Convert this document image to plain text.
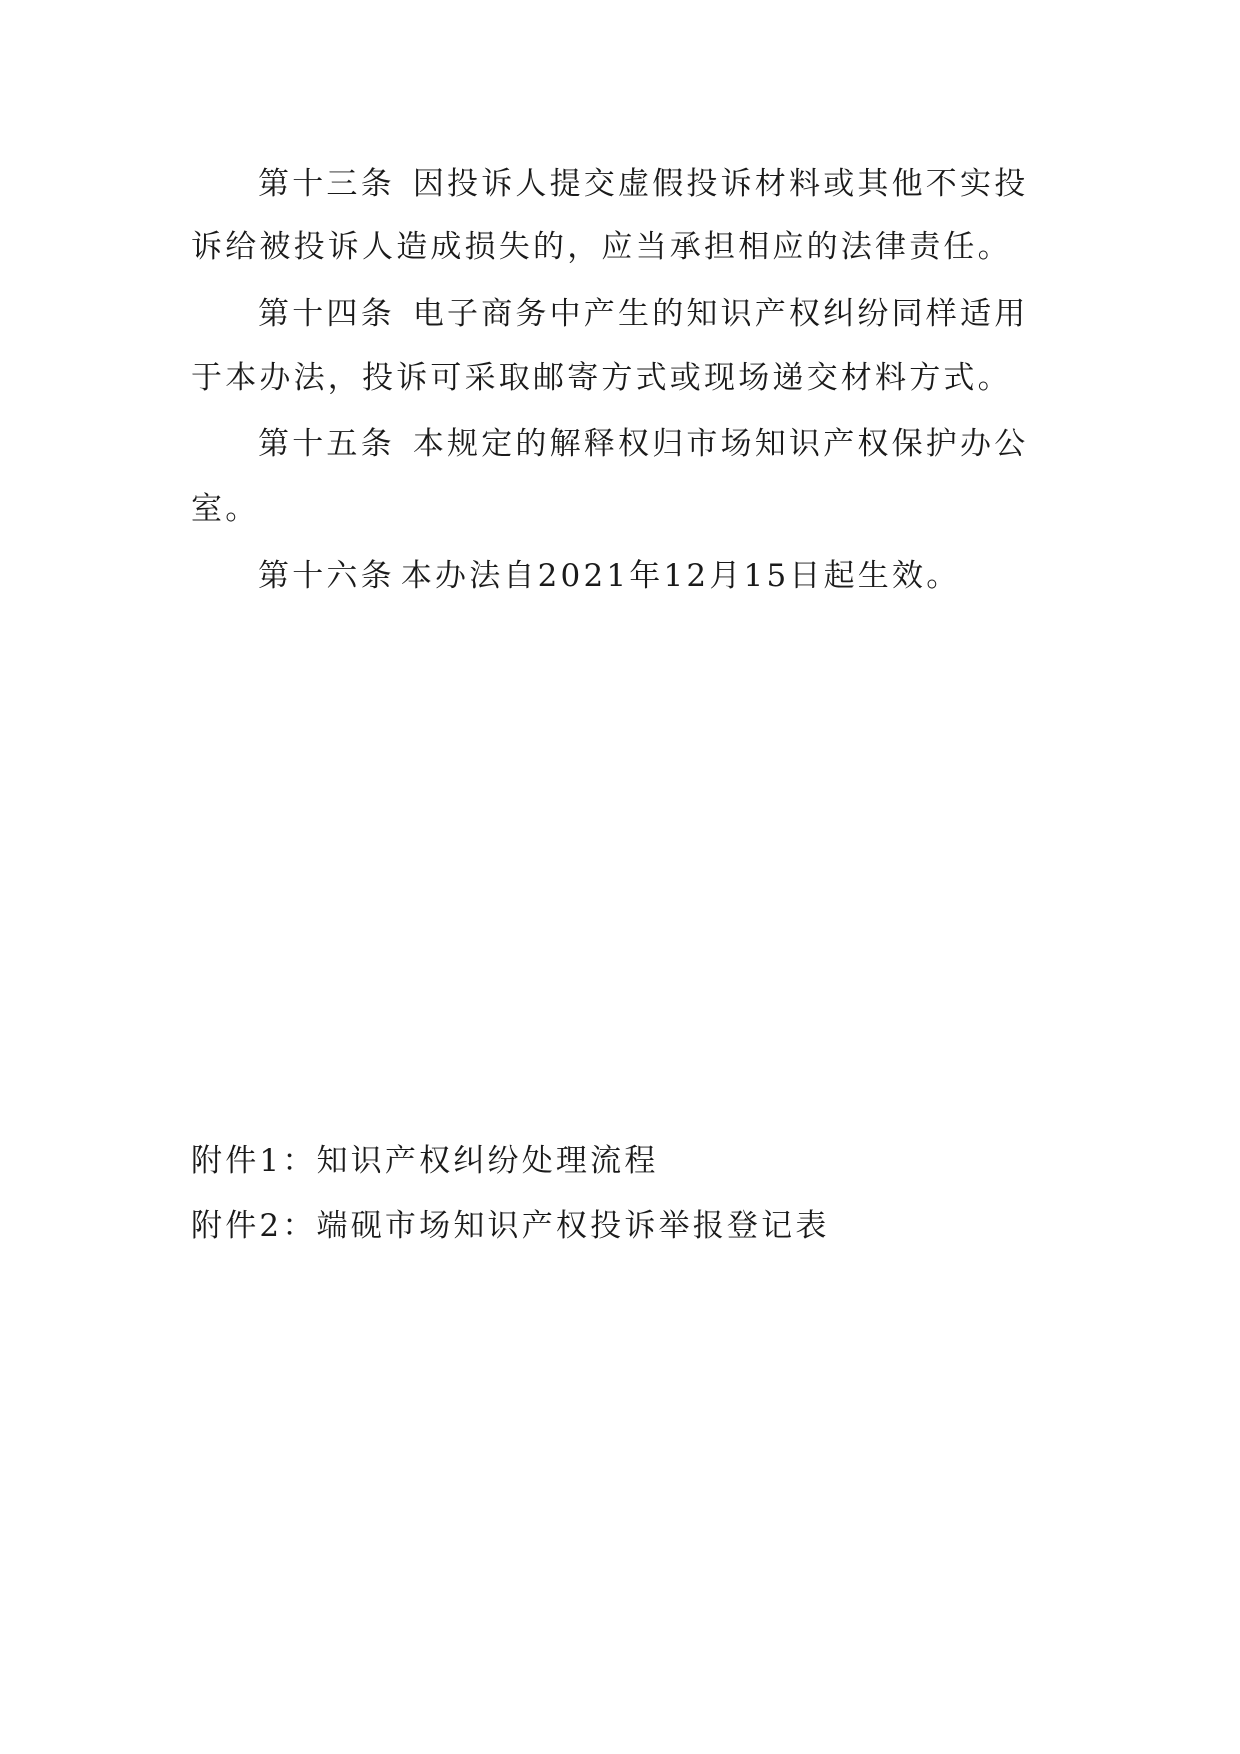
第十三条 因投诉人提交虚假投诉材料或其他不实投
诉给被投诉人造成损失的，应当承担相应的法律责任。
第十四条 电子商务中产生的知识产权纠纷同样适用
于本办法，投诉可采取邮寄方式或现场递交材料方式。
第十五条 本规定的解释权归市场知识产权保护办公
室。
第十六条 本办法自2021年12月15日起生效。
附件1：知识产权纠纷处理流程
附件2：端砚市场知识产权投诉举报登记表
